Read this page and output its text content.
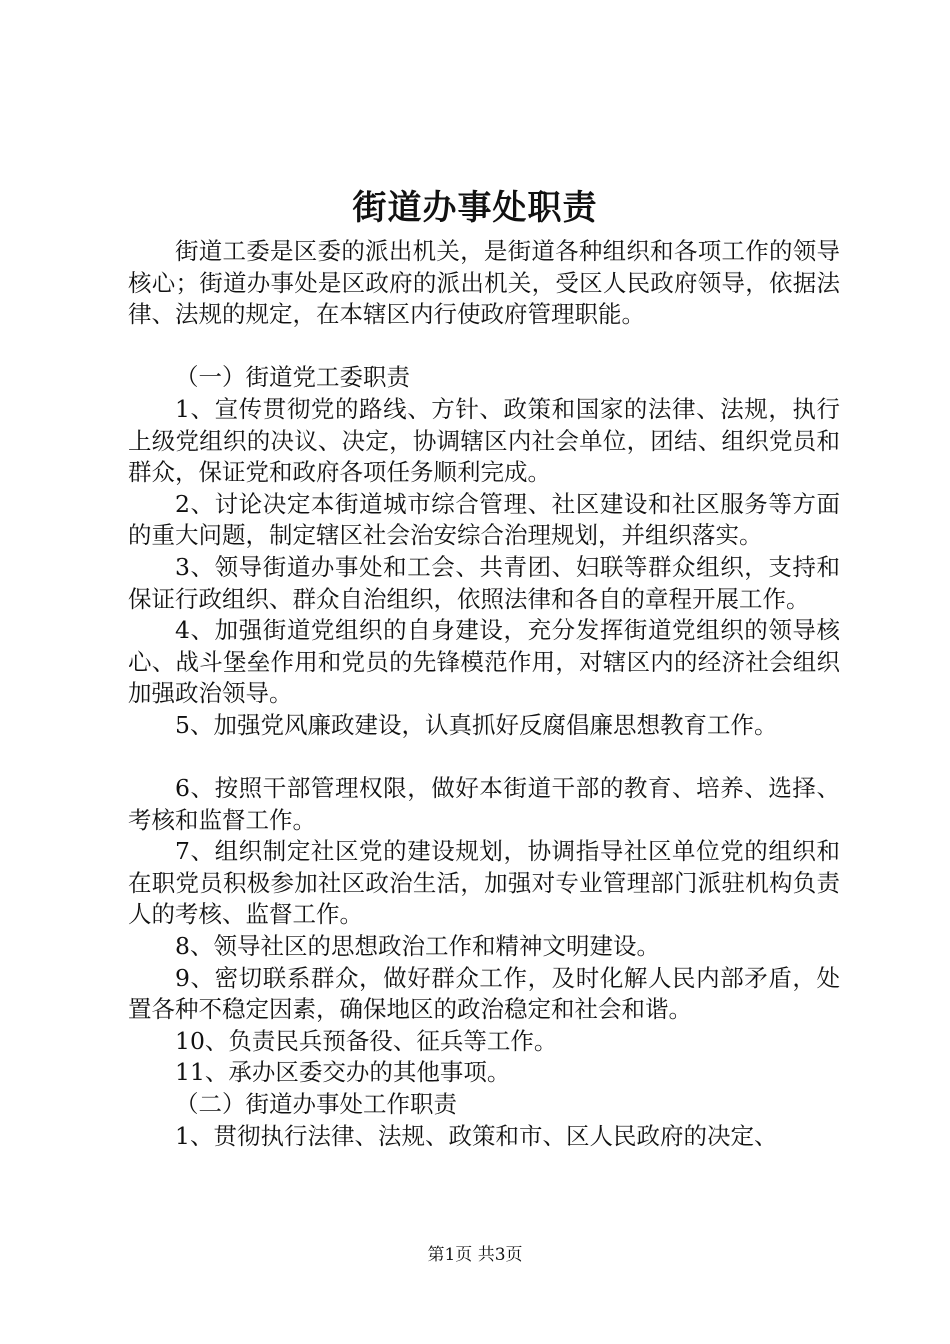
街道办事处职责

街道工委是区委的派出机关，是街道各种组织和各项工作的领导核心；街道办事处是区政府的派出机关，受区人民政府领导，依据法律、法规的规定，在本辖区内行使政府管理职能。

（一）街道党工委职责

1、宣传贯彻党的路线、方针、政策和国家的法律、法规，执行上级党组织的决议、决定，协调辖区内社会单位，团结、组织党员和群众，保证党和政府各项任务顺利完成。

2、讨论决定本街道城市综合管理、社区建设和社区服务等方面的重大问题，制定辖区社会治安综合治理规划，并组织落实。

3、领导街道办事处和工会、共青团、妇联等群众组织，支持和保证行政组织、群众自治组织，依照法律和各自的章程开展工作。

4、加强街道党组织的自身建设，充分发挥街道党组织的领导核心、战斗堡垒作用和党员的先锋模范作用，对辖区内的经济社会组织加强政治领导。

5、加强党风廉政建设，认真抓好反腐倡廉思想教育工作。

6、按照干部管理权限，做好本街道干部的教育、培养、选择、考核和监督工作。

7、组织制定社区党的建设规划，协调指导社区单位党的组织和在职党员积极参加社区政治生活，加强对专业管理部门派驻机构负责人的考核、监督工作。

8、领导社区的思想政治工作和精神文明建设。

9、密切联系群众，做好群众工作，及时化解人民内部矛盾，处置各种不稳定因素，确保地区的政治稳定和社会和谐。

10、负责民兵预备役、征兵等工作。

11、承办区委交办的其他事项。

（二）街道办事处工作职责

1、贯彻执行法律、法规、政策和市、区人民政府的决定、

第1页 共3页
